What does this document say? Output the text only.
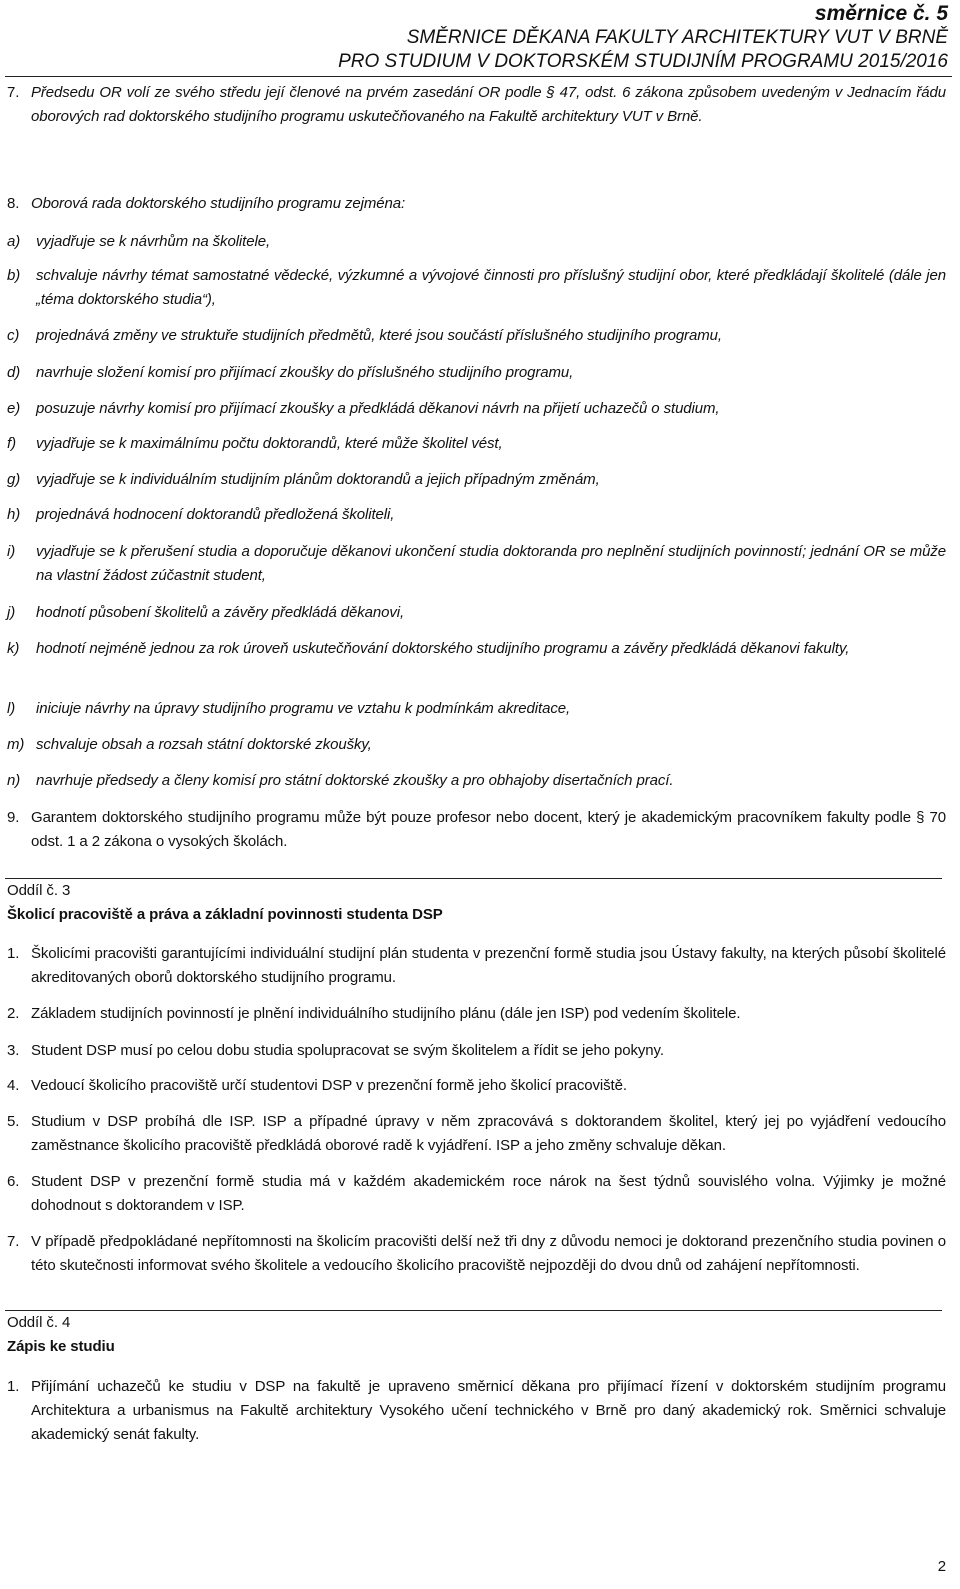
směrnice č. 5
SMĚRNICE DĚKANA FAKULTY ARCHITEKTURY VUT V BRNĚ
PRO STUDIUM V DOKTORSKÉM STUDIJNÍM PROGRAMU 2015/2016
7. Předsedu OR volí ze svého středu její členové na prvém zasedání OR podle § 47, odst. 6 zákona způsobem uvedeným v Jednacím řádu oborových rad doktorského studijního programu uskutečňovaného na Fakultě architektury VUT v Brně.
8. Oborová rada doktorského studijního programu zejména:
a) vyjadřuje se k návrhům na školitele,
b) schvaluje návrhy témat samostatné vědecké, výzkumné a vývojové činnosti pro příslušný studijní obor, které předkládají školitelé (dále jen „téma doktorského studia“),
c) projednává změny ve struktuře studijních předmětů, které jsou součástí příslušného studijního programu,
d) navrhuje složení komisí pro přijímací zkoušky do příslušného studijního programu,
e) posuzuje návrhy komisí pro přijímací zkoušky a předkládá děkanovi návrh na přijetí uchazečů o studium,
f) vyjadřuje se k maximálnímu počtu doktorandů, které může školitel vést,
g) vyjadřuje se k individuálním studijním plánům doktorandů a jejich případným změnám,
h) projednává hodnocení doktorandů předložená školiteli,
i) vyjadřuje se k přerušení studia a doporučuje děkanovi ukončení studia doktoranda pro neplnění studijních povinností; jednání OR se může na vlastní žádost zúčastnit student,
j) hodnotí působení školitelů a závěry předkládá děkanovi,
k) hodnotí nejméně jednou za rok úroveň uskutečňování doktorského studijního programu a závěry předkládá děkanovi fakulty,
l) iniciuje návrhy na úpravy studijního programu ve vztahu k podmínkám akreditace,
m) schvaluje obsah a rozsah státní doktorské zkoušky,
n) navrhuje předsedy a členy komisí pro státní doktorské zkoušky a pro obhajoby disertačních prací.
9. Garantem doktorského studijního programu může být pouze profesor nebo docent, který je akademickým pracovníkem fakulty podle § 70 odst. 1 a 2 zákona o vysokých školách.
Oddíl č. 3
Školicí pracoviště a práva a základní povinnosti studenta DSP
1. Školicími pracovišti garantujícími individuální studijní plán studenta v prezenční formě studia jsou Ústavy fakulty, na kterých působí školitelé akreditovaných oborů doktorského studijního programu.
2. Základem studijních povinností je plnění individuálního studijního plánu (dále jen ISP) pod vedením školitele.
3. Student DSP musí po celou dobu studia spolupracovat se svým školitelem a řídit se jeho pokyny.
4. Vedoucí školicího pracoviště určí studentovi DSP v prezenční formě jeho školicí pracoviště.
5. Studium v DSP probíhá dle ISP. ISP a případné úpravy v něm zpracovává s doktorandem školitel, který jej po vyjádření vedoucího zaměstnance školicího pracoviště předkládá oborové radě k vyjádření. ISP a jeho změny schvaluje děkan.
6. Student DSP v prezenční formě studia má v každém akademickém roce nárok na šest týdnů souvislého volna. Výjimky je možné dohodnout s doktorandem v ISP.
7. V případě předpokládané nepřítomnosti na školicím pracovišti delší než tři dny z důvodu nemoci je doktorand prezenčního studia povinen o této skutečnosti informovat svého školitele a vedoucího školicího pracoviště nejpozději do dvou dnů od zahájení nepřítomnosti.
Oddíl č. 4
Zápis ke studiu
1. Přijímání uchazečů ke studiu v DSP na fakultě je upraveno směrnicí děkana pro přijímací řízení v doktorském studijním programu Architektura a urbanismus na Fakultě architektury Vysokého učení technického v Brně pro daný akademický rok. Směrnici schvaluje akademický senát fakulty.
2
